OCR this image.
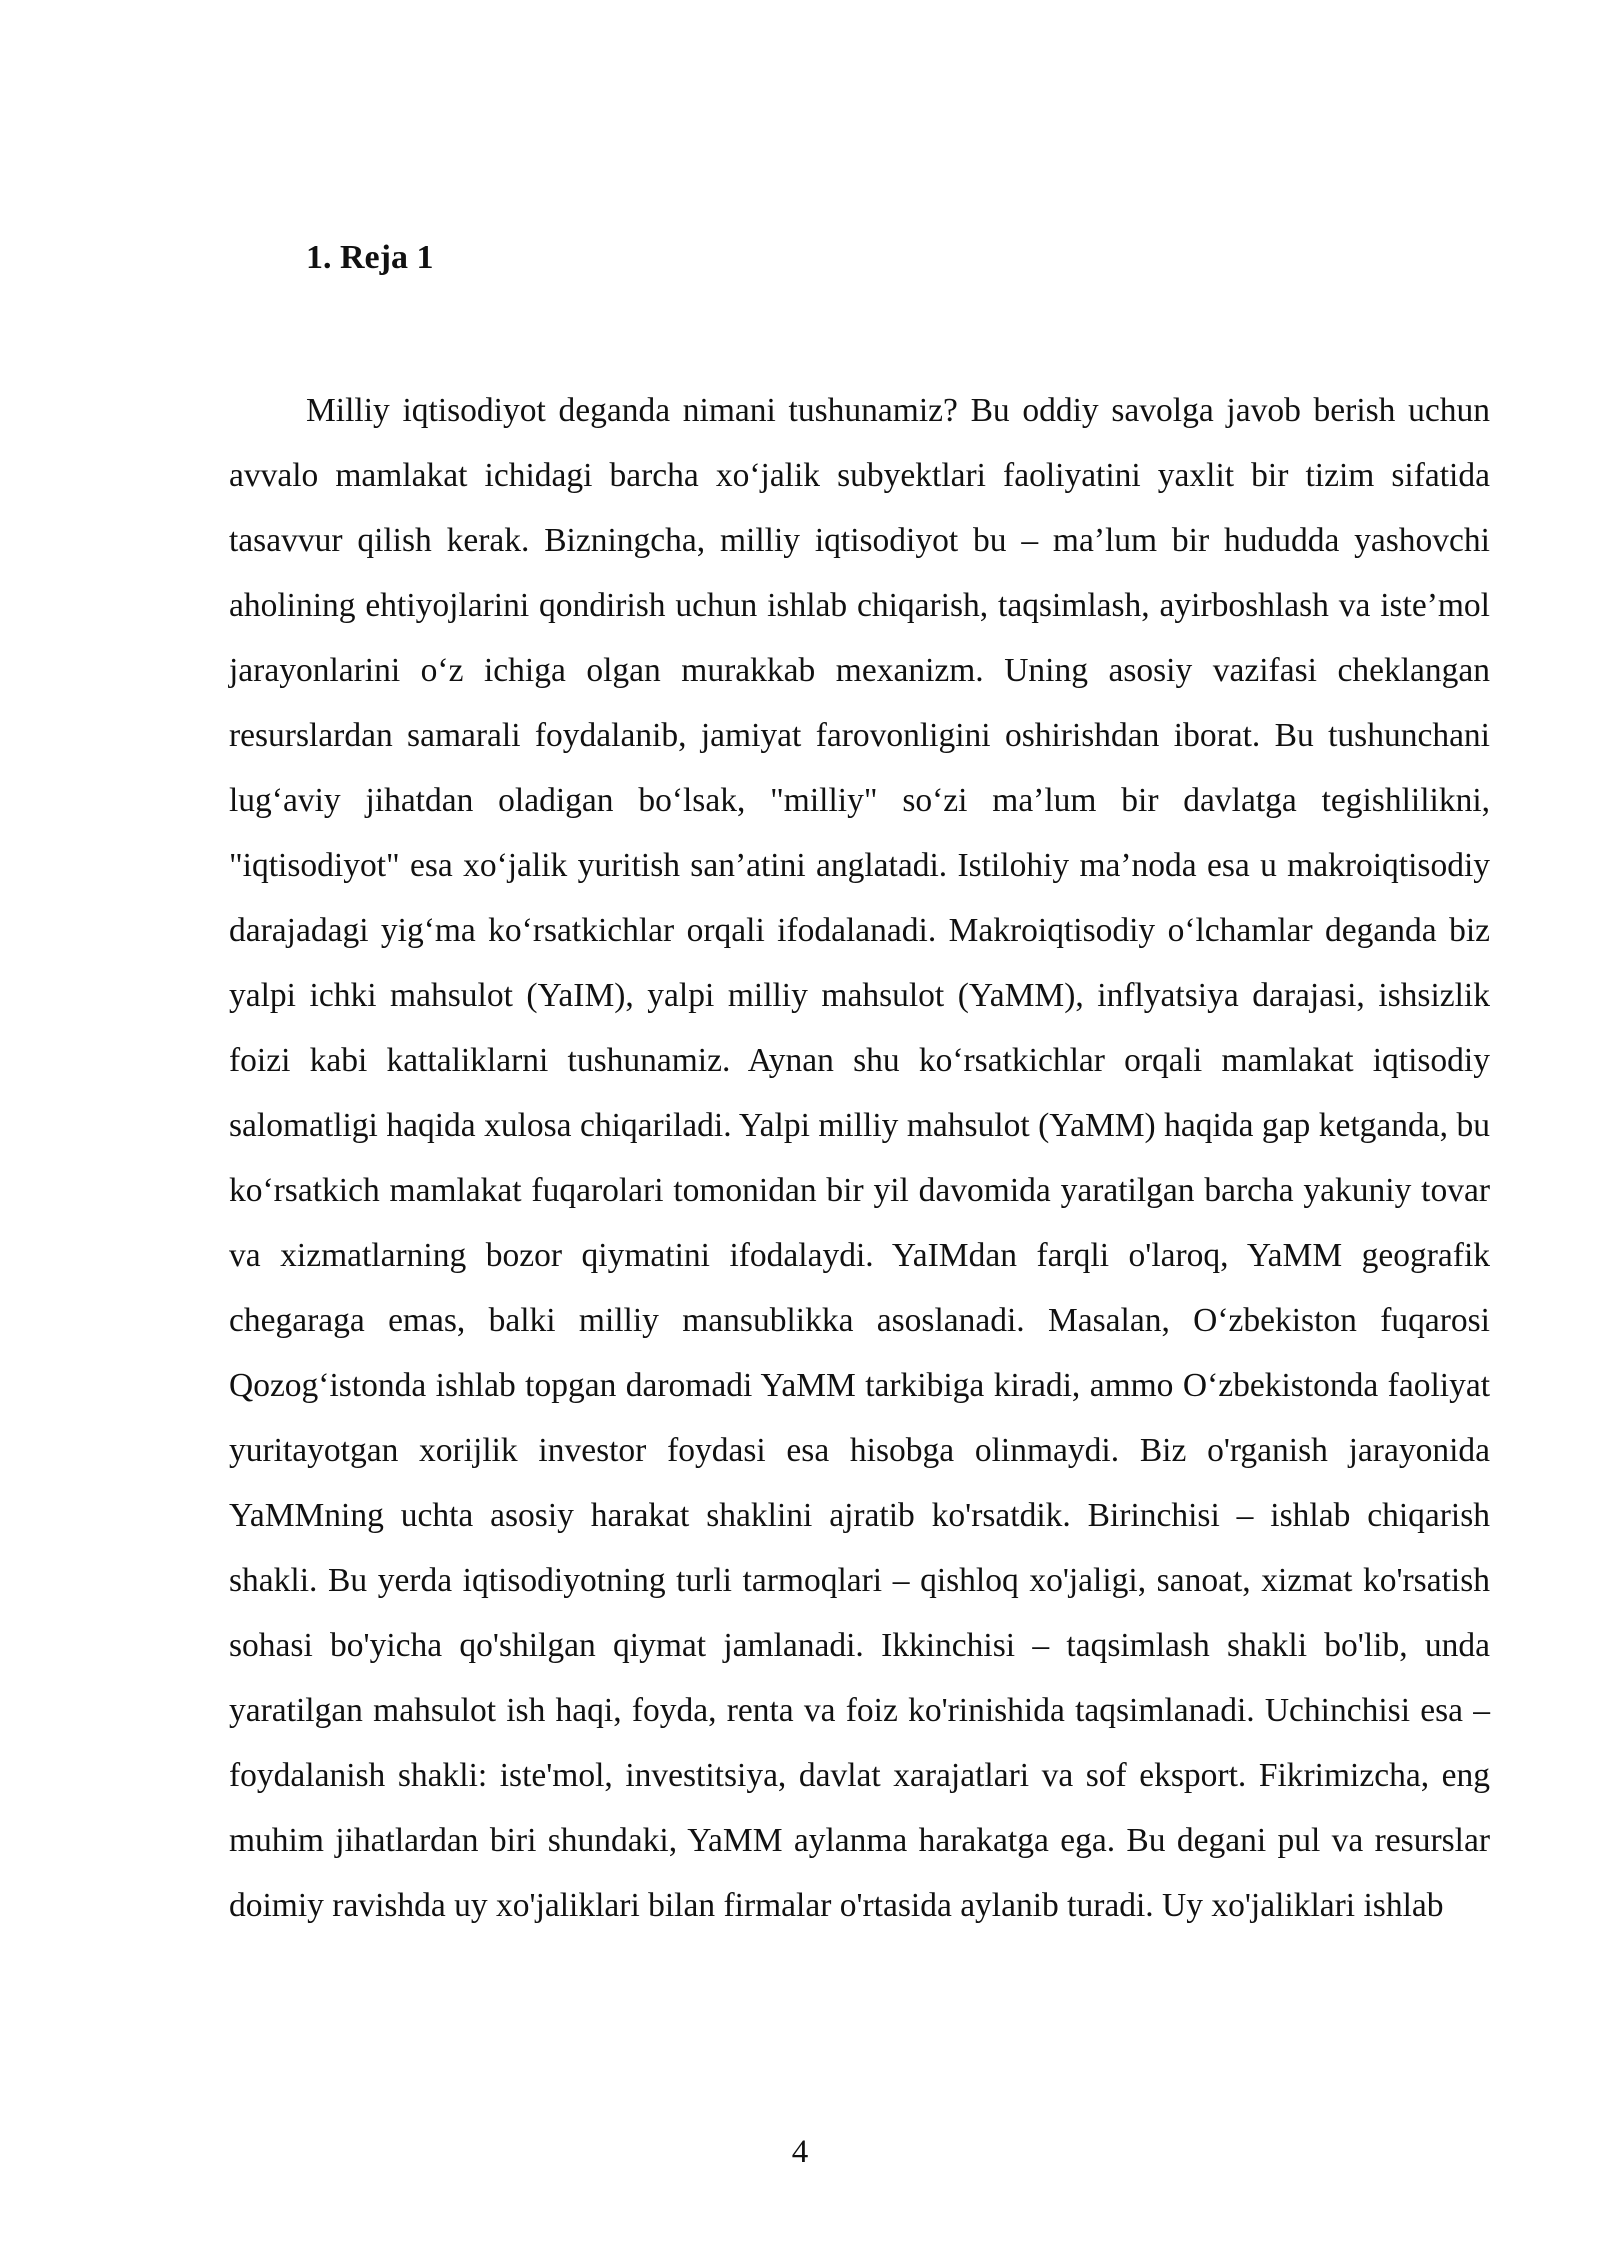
1. Reja 1

Milliy iqtisodiyot deganda nimani tushunamiz? Bu oddiy savolga javob berish uchun avvalo mamlakat ichidagi barcha xo‘jalik subyektlari faoliyatini yaxlit bir tizim sifatida tasavvur qilish kerak. Bizningcha, milliy iqtisodiyot bu – ma’lum bir hududda yashovchi aholining ehtiyojlarini qondirish uchun ishlab chiqarish, taqsimlash, ayirboshlash va iste’mol jarayonlarini o‘z ichiga olgan murakkab mexanizm. Uning asosiy vazifasi cheklangan resurslardan samarali foydalanib, jamiyat farovonligini oshirishdan iborat. Bu tushunchani lug‘aviy jihatdan oladigan bo‘lsak, "milliy" so‘zi ma’lum bir davlatga tegishlilikni, "iqtisodiyot" esa xo‘jalik yuritish san’atini anglatadi. Istilohiy ma’noda esa u makroiqtisodiy darajadagi yig‘ma ko‘rsatkichlar orqali ifodalanadi. Makroiqtisodiy o‘lchamlar deganda biz yalpi ichki mahsulot (YaIM), yalpi milliy mahsulot (YaMM), inflyatsiya darajasi, ishsizlik foizi kabi kattaliklarni tushunamiz. Aynan shu ko‘rsatkichlar orqali mamlakat iqtisodiy salomatligi haqida xulosa chiqariladi. Yalpi milliy mahsulot (YaMM) haqida gap ketganda, bu ko‘rsatkich mamlakat fuqarolari tomonidan bir yil davomida yaratilgan barcha yakuniy tovar va xizmatlarning bozor qiymatini ifodalaydi. YaIMdan farqli o'laroq, YaMM geografik chegaraga emas, balki milliy mansublikka asoslanadi. Masalan, O‘zbekiston fuqarosi Qozog‘istonda ishlab topgan daromadi YaMM tarkibiga kiradi, ammo O‘zbekistonda faoliyat yuritayotgan xorijlik investor foydasi esa hisobga olinmaydi. Biz o'rganish jarayonida YaMMning uchta asosiy harakat shaklini ajratib ko'rsatdik. Birinchisi – ishlab chiqarish shakli. Bu yerda iqtisodiyotning turli tarmoqlari – qishloq xo'jaligi, sanoat, xizmat ko'rsatish sohasi bo'yicha qo'shilgan qiymat jamlanadi. Ikkinchisi – taqsimlash shakli bo'lib, unda yaratilgan mahsulot ish haqi, foyda, renta va foiz ko'rinishida taqsimlanadi. Uchinchisi esa – foydalanish shakli: iste'mol, investitsiya, davlat xarajatlari va sof eksport. Fikrimizcha, eng muhim jihatlardan biri shundaki, YaMM aylanma harakatga ega. Bu degani pul va resurslar doimiy ravishda uy xo'jaliklari bilan firmalar o'rtasida aylanib turadi. Uy xo'jaliklari ishlab

4
